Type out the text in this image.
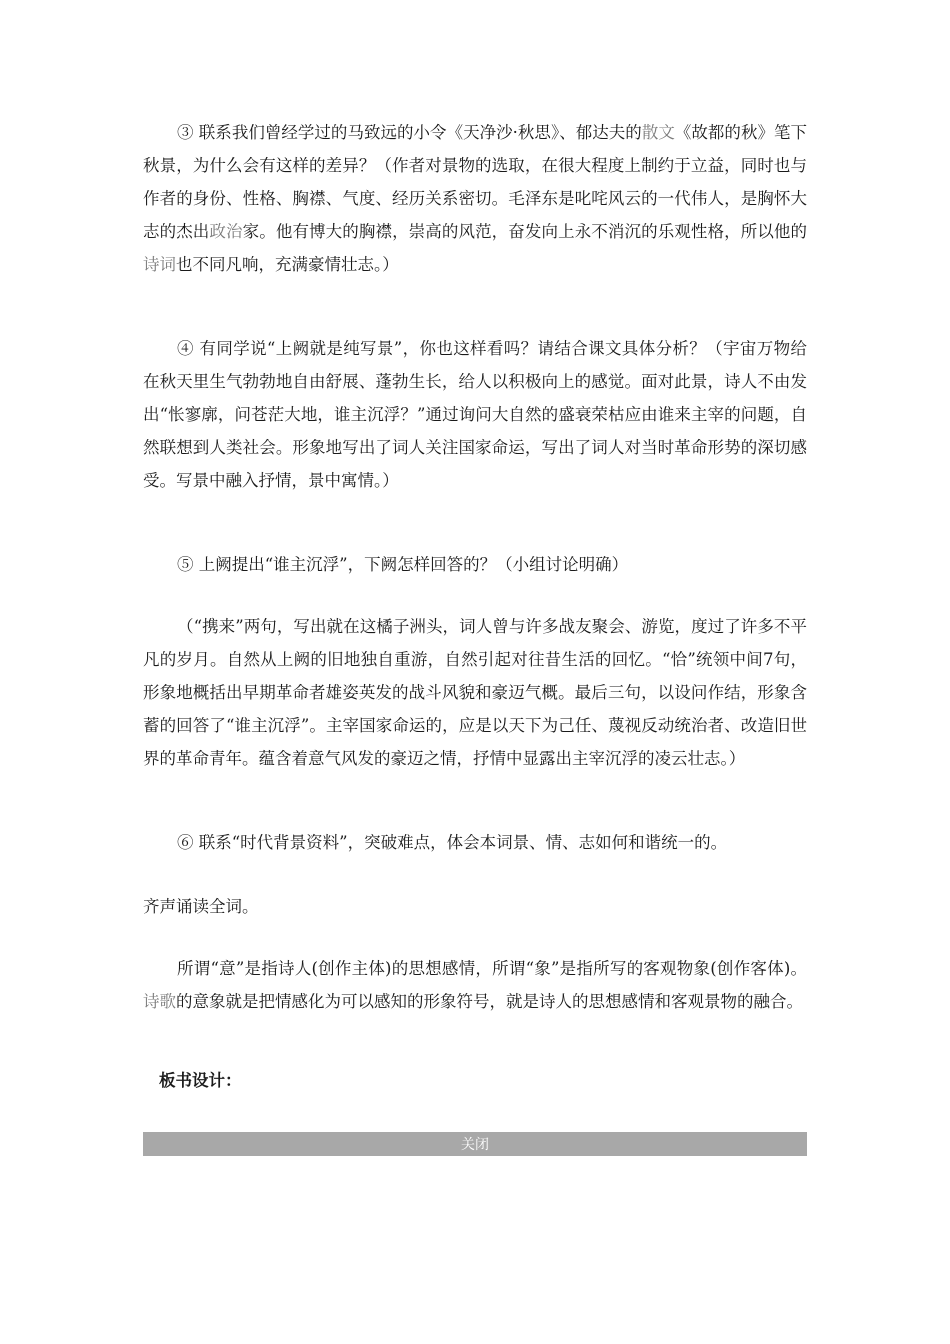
③ 联系我们曾经学过的马致远的小令《天净沙·秋思》、郁达夫的散文《故都的秋》笔下秋景，为什么会有这样的差异？（作者对景物的选取，在很大程度上制约于立益，同时也与作者的身份、性格、胸襟、气度、经历关系密切。毛泽东是叱咤风云的一代伟人，是胸怀大志的杰出政治家。他有博大的胸襟，崇高的风范，奋发向上永不消沉的乐观性格，所以他的诗词也不同凡响，充满豪情壮志。）

④ 有同学说“上阙就是纯写景”，你也这样看吗？请结合课文具体分析？（宇宙万物给在秋天里生气勃勃地自由舒展、蓬勃生长，给人以积极向上的感觉。面对此景，诗人不由发出“怅寥廓，问苍茫大地，谁主沉浮？”通过询问大自然的盛衰荣枯应由谁来主宰的问题，自然联想到人类社会。形象地写出了词人关注国家命运，写出了词人对当时革命形势的深切感受。写景中融入抒情，景中寓情。）

⑤ 上阙提出“谁主沉浮”，下阙怎样回答的？（小组讨论明确）

（“携来”两句，写出就在这橘子洲头，词人曾与许多战友聚会、游览，度过了许多不平凡的岁月。自然从上阙的旧地独自重游，自然引起对往昔生活的回忆。“恰”统领中间7句，形象地概括出早期革命者雄姿英发的战斗风貌和豪迈气概。最后三句，以设问作结，形象含蓄的回答了“谁主沉浮”。主宰国家命运的，应是以天下为己任、蔑视反动统治者、改造旧世界的革命青年。蕴含着意气风发的豪迈之情，抒情中显露出主宰沉浮的凌云壮志。）

⑥ 联系“时代背景资料”，突破难点，体会本词景、情、志如何和谐统一的。

齐声诵读全词。

所谓“意”是指诗人(创作主体)的思想感情，所谓“象”是指所写的客观物象(创作客体)。诗歌的意象就是把情感化为可以感知的形象符号，就是诗人的思想感情和客观景物的融合。

板书设计：

关闭
